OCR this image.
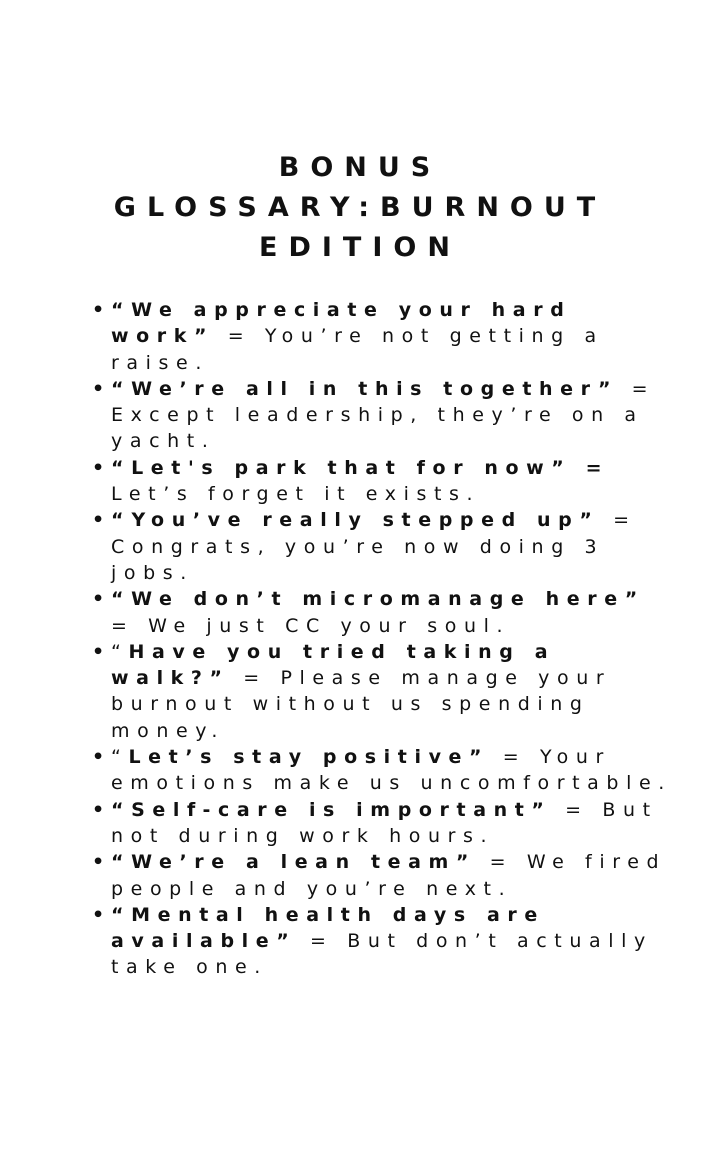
BONUS
GLOSSARY:BURNOUT
EDITION
• “We appreciate your hard work” = You’re not getting a raise.
• “We’re all in this together” = Except leadership, they’re on a yacht.
• “Let's park that for now” = Let’s forget it exists.
• “You’ve really stepped up” = Congrats, you’re now doing 3 jobs.
• “We don’t micromanage here” = We just CC your soul.
• “Have you tried taking a walk?” = Please manage your burnout without us spending money.
• “Let’s stay positive” = Your emotions make us uncomfortable.
• “Self-care is important” = But not during work hours.
• “We’re a lean team” = We fired people and you’re next.
• “Mental health days are available” = But don’t actually take one.
